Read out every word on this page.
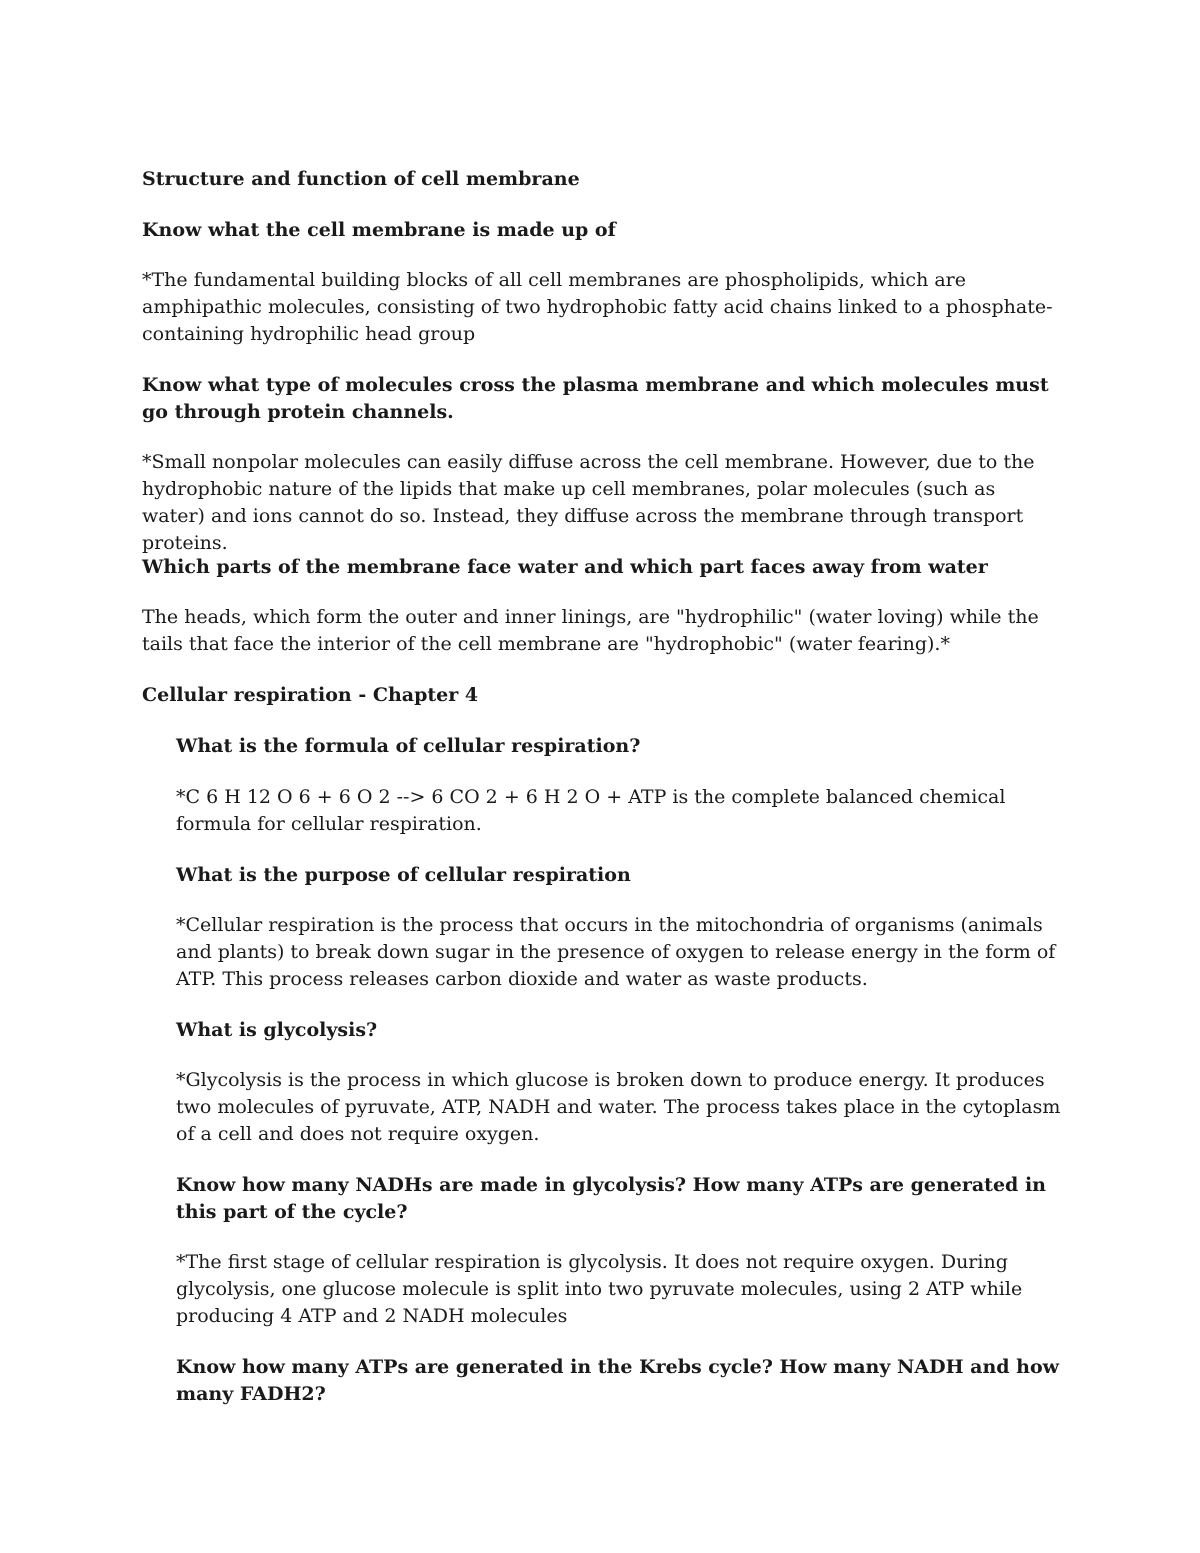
Structure and function of cell membrane

Know what the cell membrane is made up of

*The fundamental building blocks of all cell membranes are phospholipids, which are amphipathic molecules, consisting of two hydrophobic fatty acid chains linked to a phosphate-containing hydrophilic head group

Know what type of molecules cross the plasma membrane and which molecules must go through protein channels.

*Small nonpolar molecules can easily diffuse across the cell membrane. However, due to the hydrophobic nature of the lipids that make up cell membranes, polar molecules (such as water) and ions cannot do so. Instead, they diffuse across the membrane through transport proteins.

Which parts of the membrane face water and which part faces away from water

The heads, which form the outer and inner linings, are "hydrophilic" (water loving) while the tails that face the interior of the cell membrane are "hydrophobic" (water fearing).*

Cellular respiration - Chapter 4

What is the formula of cellular respiration?

*C 6 H 12 O 6 + 6 O 2 --> 6 CO 2 + 6 H 2 O + ATP is the complete balanced chemical formula for cellular respiration.

What is the purpose of cellular respiration

*Cellular respiration is the process that occurs in the mitochondria of organisms (animals and plants) to break down sugar in the presence of oxygen to release energy in the form of ATP. This process releases carbon dioxide and water as waste products.

What is glycolysis?

*Glycolysis is the process in which glucose is broken down to produce energy. It produces two molecules of pyruvate, ATP, NADH and water. The process takes place in the cytoplasm of a cell and does not require oxygen.

Know how many NADHs are made in glycolysis? How many ATPs are generated in this part of the cycle?

*The first stage of cellular respiration is glycolysis. It does not require oxygen. During glycolysis, one glucose molecule is split into two pyruvate molecules, using 2 ATP while producing 4 ATP and 2 NADH molecules

Know how many ATPs are generated in the Krebs cycle? How many NADH and how many FADH2?
